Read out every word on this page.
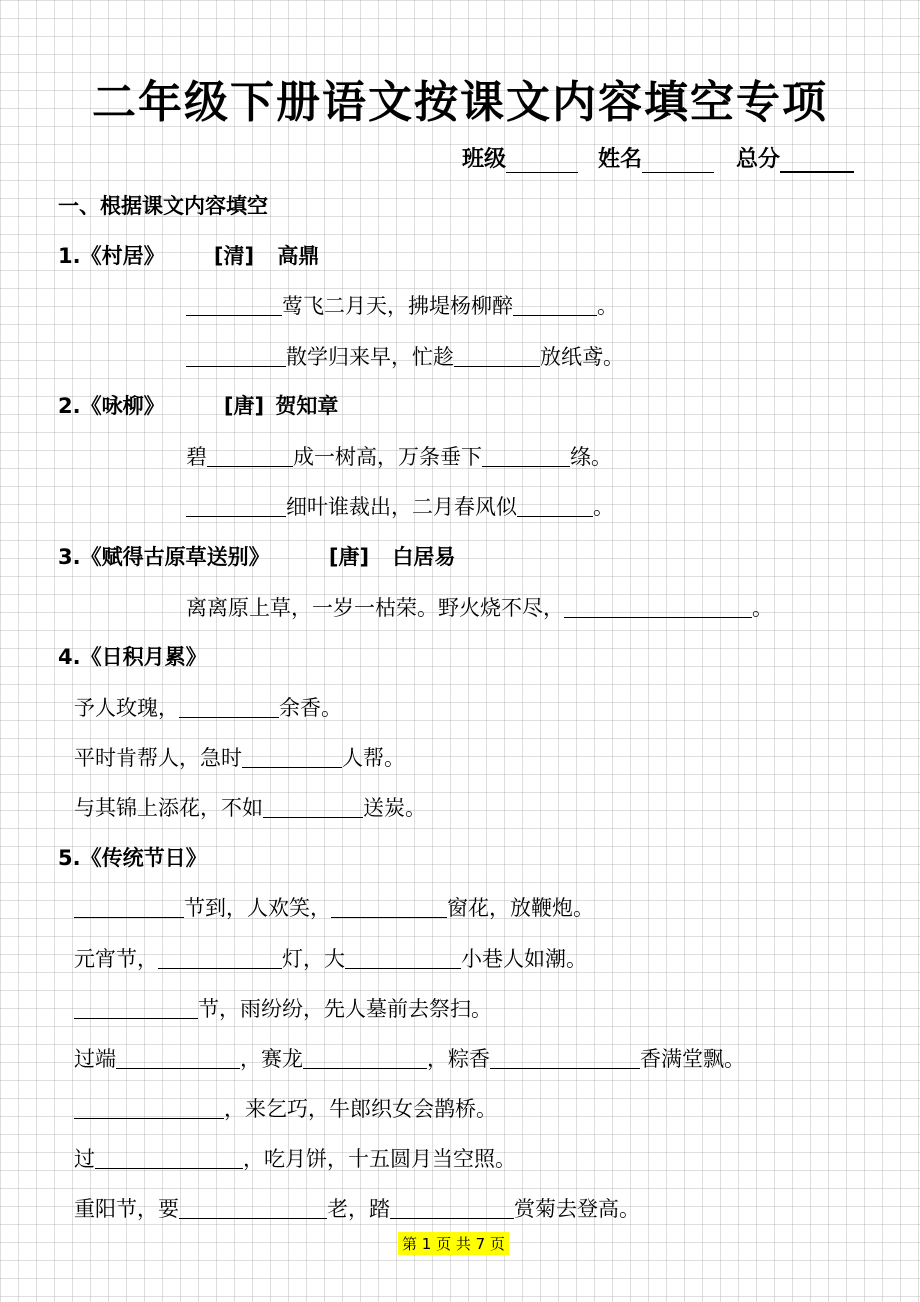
二年级下册语文按课文内容填空专项
班级	姓名	总分
一、根据课文内容填空
1.《村居》 [清] 高鼎
莺飞二月天，拂堤杨柳醉	。
散学归来早，忙趁	放纸鸢。
2.《咏柳》	[唐] 贺知章
碧	成一树高，万条垂下	绦。
细叶谁裁出，二月春风似	。
3.《赋得古原草送别》	[唐] 白居易
离离原上草，一岁一枯荣。野火烧不尽，	。
4.《日积月累》
予人玫瑰，	余香。
平时肯帮人，急时	人帮。
与其锦上添花，不如	送炭。
5.《传统节日》
节到，人欢笑，	窗花，放鞭炮。
元宵节，	灯，大	小巷人如潮。
节，雨纷纷，先人墓前去祭扫。
过端	，赛龙	，粽香	香满堂飘。
，来乞巧，牛郎织女会鹊桥。
过	，吃月饼，十五圆月当空照。
重阳节，要	老，踏	赏菊去登高。
第 1 页 共 7 页
